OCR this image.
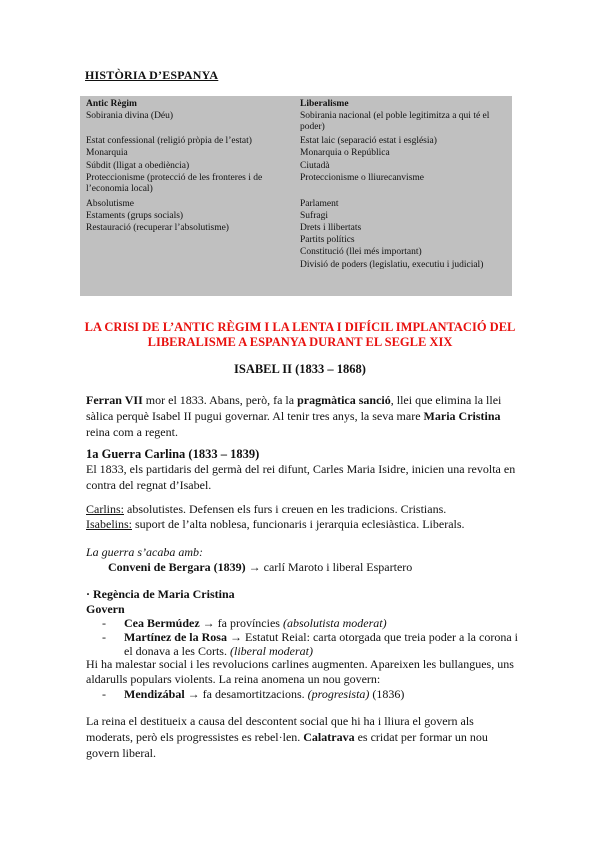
HISTÒRIA D’ESPANYA
Antic Règim	Liberalisme
Sobirania divina (Déu)
Estat confessional (religió pròpia de l’estat)
Monarquia
Súbdit (lligat a obediència)
Proteccionisme (protecció de les fronteres i de l’economia local)
Absolutisme
Estaments (grups socials)
Restauració (recuperar l’absolutisme)
Sobirania nacional (el poble legitimitza a qui té el poder)
Estat laic (separació estat i església)
Monarquia o República
Ciutadà
Proteccionisme o lliurecanvisme
Parlament
Sufragi
Drets i llibertats
Partits polítics
Constitució (llei més important)
Divisió de poders (legislatiu, executiu i judicial)
LA CRISI DE L’ANTIC RÈGIM I LA LENTA I DIFÍCIL IMPLANTACIÓ DEL
LIBERALISME A ESPANYA DURANT EL SEGLE XIX
ISABEL II (1833 – 1868)
Ferran VII mor el 1833. Abans, però, fa la pragmàtica sanció, llei que elimina la llei sàlica perquè Isabel II pugui governar. Al tenir tres anys, la seva mare Maria Cristina reina com a regent.
1a Guerra Carlina (1833 – 1839)
El 1833, els partidaris del germà del rei difunt, Carles Maria Isidre, inicien una revolta en contra del regnat d’Isabel.
Carlins: absolutistes. Defensen els furs i creuen en les tradicions. Cristians.
Isabelins: suport de l’alta noblesa, funcionaris i jerarquia eclesiàstica. Liberals.
La guerra s’acaba amb:
Conveni de Bergara (1839) → carlí Maroto i liberal Espartero
· Regència de Maria Cristina
Govern
- Cea Bermúdez → fa províncies (absolutista moderat)
- Martínez de la Rosa → Estatut Reial: carta otorgada que treia poder a la corona i el donava a les Corts. (liberal moderat)
Hi ha malestar social i les revolucions carlines augmenten. Apareixen les bullangues, uns aldarulls populars violents. La reina anomena un nou govern:
- Mendizábal → fa desamortitzacions. (progresista) (1836)
La reina el destitueix a causa del descontent social que hi ha i lliura el govern als moderats, però els progressistes es rebel·len. Calatrava es cridat per formar un nou govern liberal.
